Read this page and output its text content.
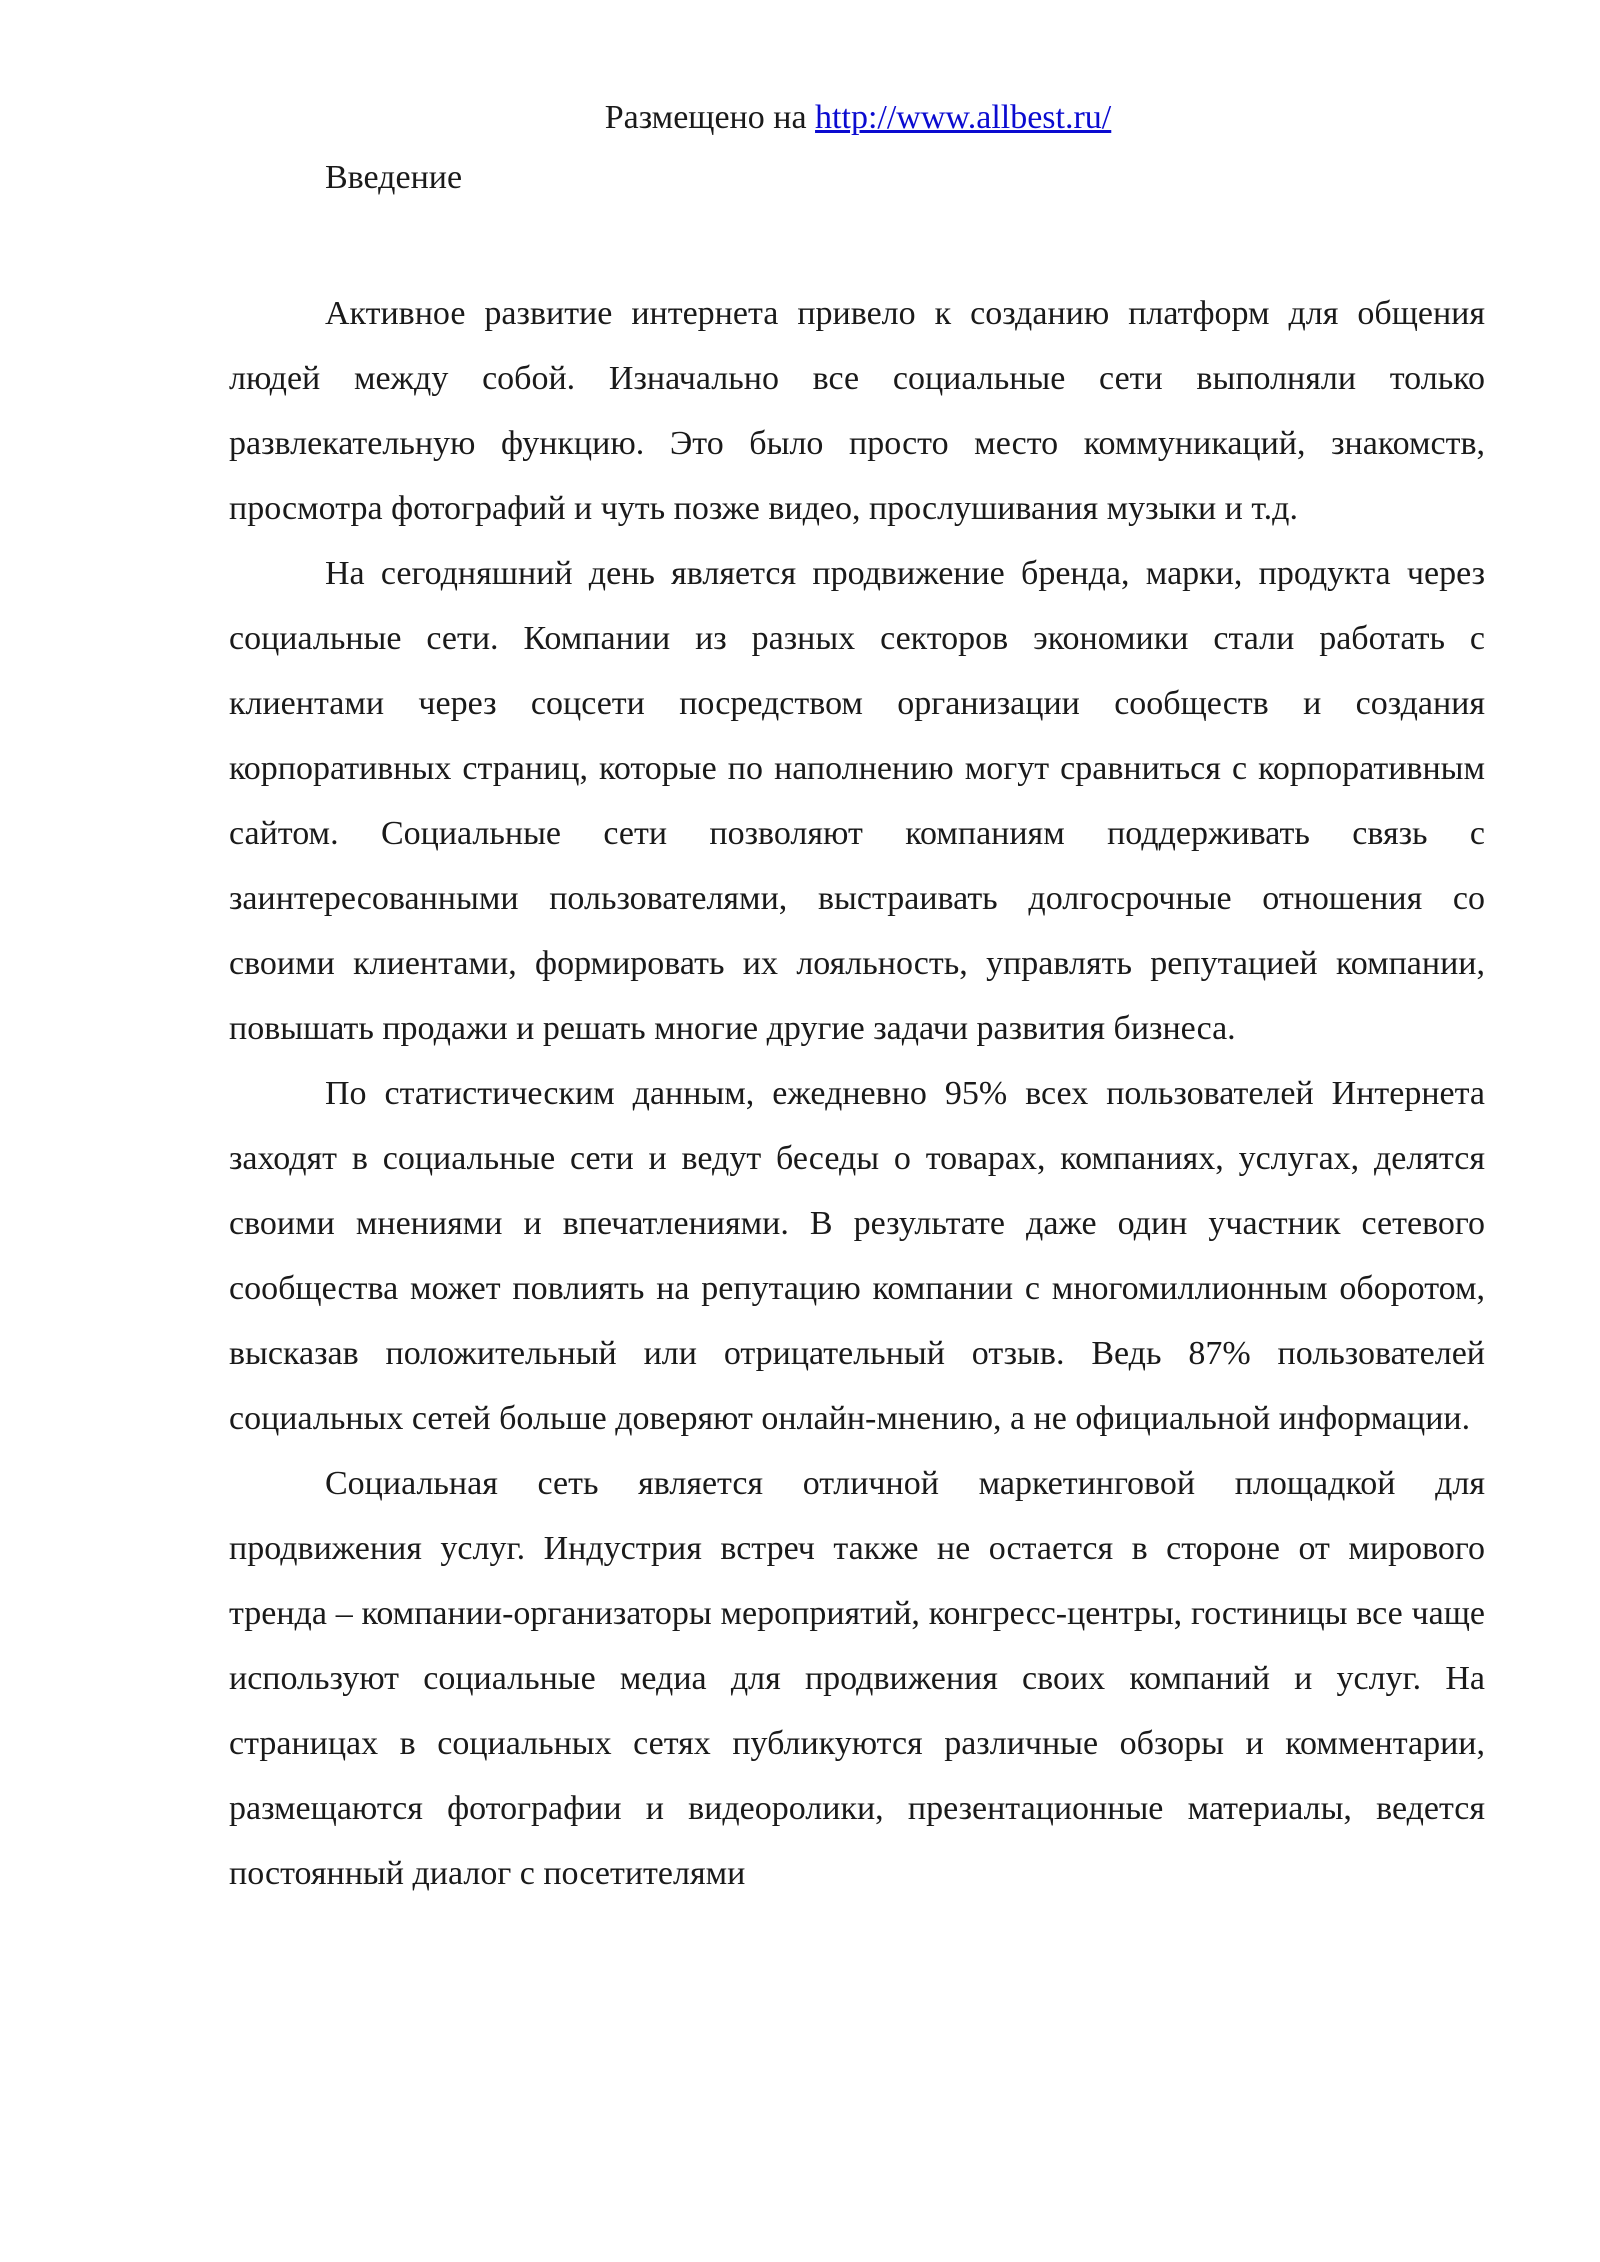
Размещено на http://www.allbest.ru/
Введение

Активное развитие интернета привело к созданию платформ для общения людей между собой. Изначально все социальные сети выполняли только развлекательную функцию. Это было просто место коммуникаций, знакомств, просмотра фотографий и чуть позже видео, прослушивания музыки и т.д.

На сегодняшний день является продвижение бренда, марки, продукта через социальные сети. Компании из разных секторов экономики стали работать с клиентами через соцсети посредством организации сообществ и создания корпоративных страниц, которые по наполнению могут сравниться с корпоративным сайтом. Социальные сети позволяют компаниям поддерживать связь с заинтересованными пользователями, выстраивать долгосрочные отношения со своими клиентами, формировать их лояльность, управлять репутацией компании, повышать продажи и решать многие другие задачи развития бизнеса.

По статистическим данным, ежедневно 95% всех пользователей Интернета заходят в социальные сети и ведут беседы о товарах, компаниях, услугах, делятся своими мнениями и впечатлениями. В результате даже один участник сетевого сообщества может повлиять на репутацию компании с многомиллионным оборотом, высказав положительный или отрицательный отзыв. Ведь 87% пользователей социальных сетей больше доверяют онлайн-мнению, а не официальной информации.

Социальная сеть является отличной маркетинговой площадкой для продвижения услуг. Индустрия встреч также не остается в стороне от мирового тренда – компании-организаторы мероприятий, конгресс-центры, гостиницы все чаще используют социальные медиа для продвижения своих компаний и услуг. На страницах в социальных сетях публикуются различные обзоры и комментарии, размещаются фотографии и видеоролики, презентационные материалы, ведется постоянный диалог с посетителями
